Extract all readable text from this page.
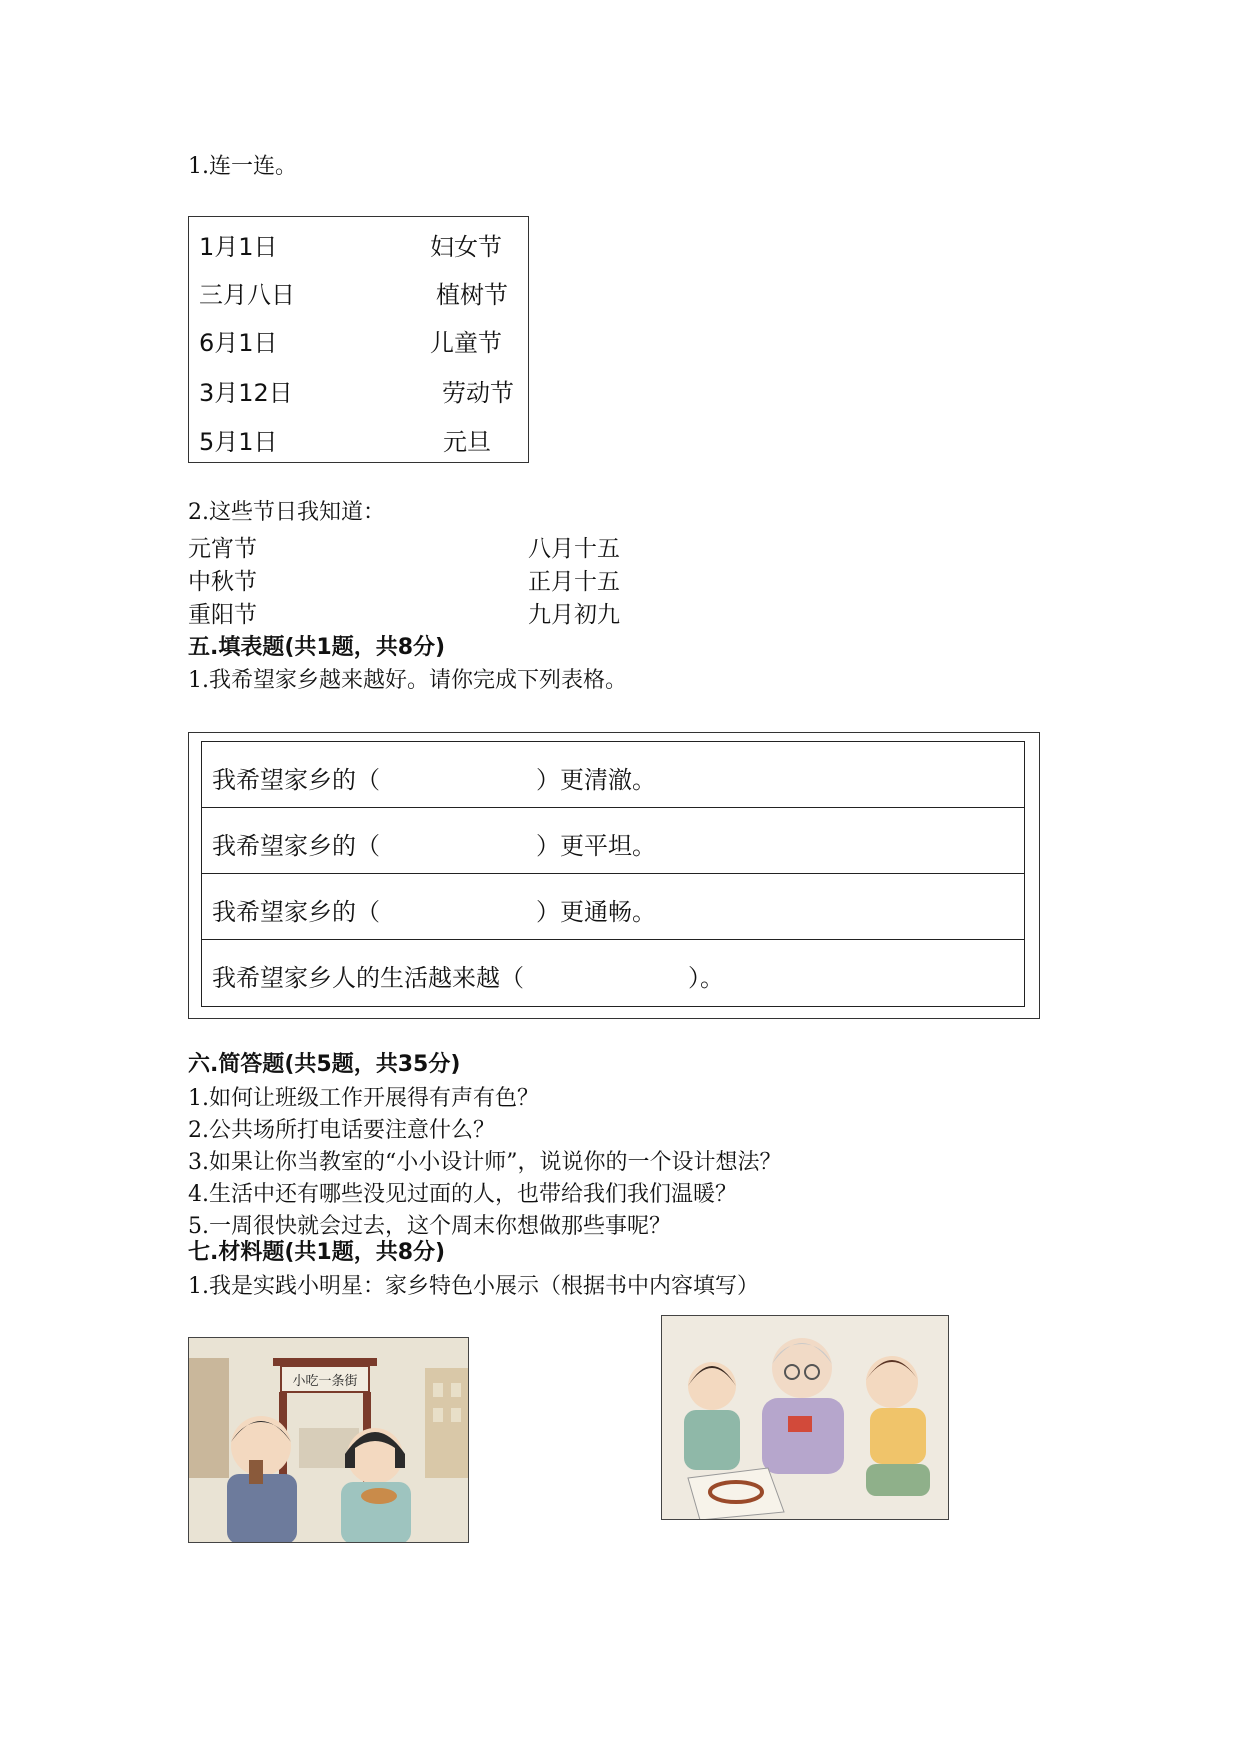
1.连一连。
1月1日	妇女节
三月八日	植树节
6月1日	儿童节
3月12日	劳动节
5月1日	元旦
2.这些节日我知道：
元宵节	八月十五
中秋节	正月十五
重阳节	九月初九
五.填表题(共1题，共8分)
1.我希望家乡越来越好。请你完成下列表格。
我希望家乡的（	）更清澈。
我希望家乡的（	）更平坦。
我希望家乡的（	）更通畅。
我希望家乡人的生活越来越（	）。
六.简答题(共5题，共35分)
1.如何让班级工作开展得有声有色？
2.公共场所打电话要注意什么？
3.如果让你当教室的“小小设计师”，说说你的一个设计想法？
4.生活中还有哪些没见过面的人，也带给我们我们温暖？
5.一周很快就会过去，这个周末你想做那些事呢？
七.材料题(共1题，共8分)
1.我是实践小明星：家乡特色小展示（根据书中内容填写）
小吃一条街
